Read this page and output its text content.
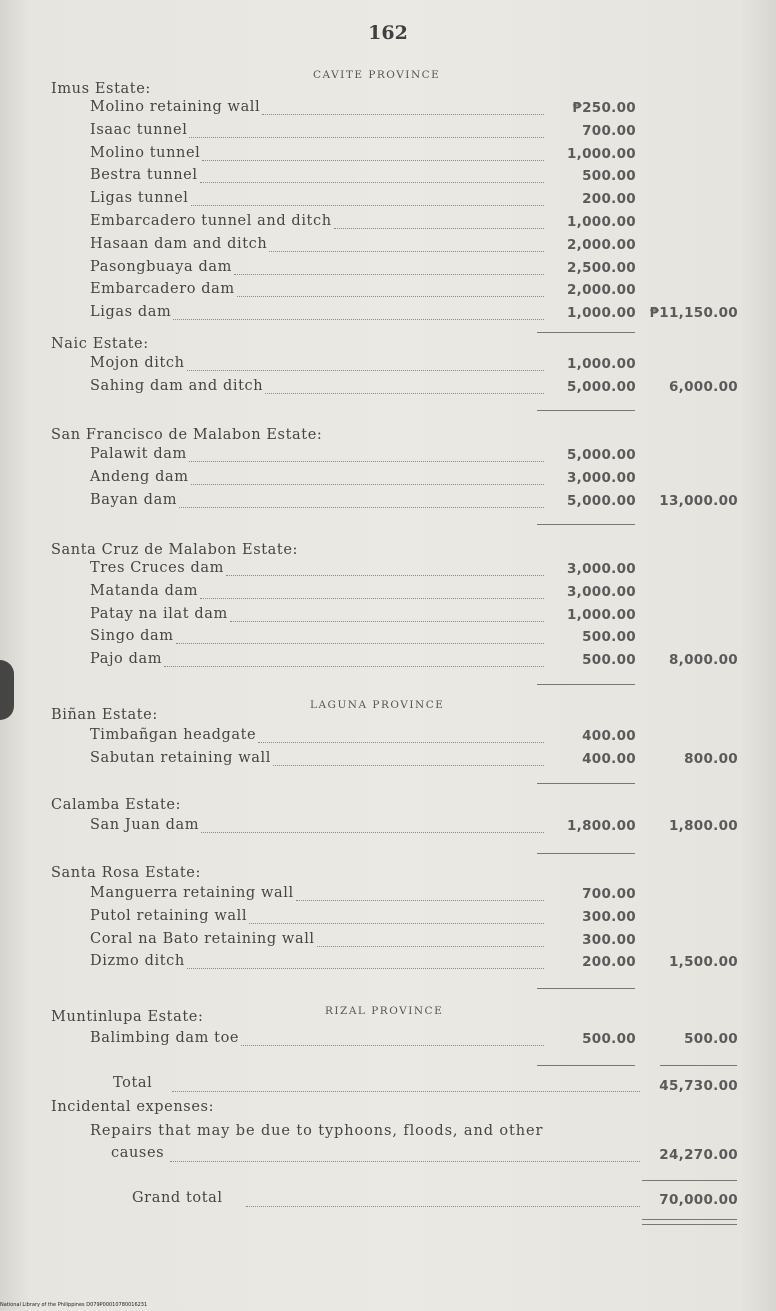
162
CAVITE PROVINCE
LAGUNA PROVINCE
RIZAL PROVINCE
Imus Estate:
Molino retaining wall	₱250.00
Isaac tunnel	700.00
Molino tunnel	1,000.00
Bestra tunnel	500.00
Ligas tunnel	200.00
Embarcadero tunnel and ditch	1,000.00
Hasaan dam and ditch	2,000.00
Pasongbuaya dam	2,500.00
Embarcadero dam	2,000.00
Ligas dam	1,000.00	₱11,150.00
Naic Estate:
Mojon ditch	1,000.00
Sahing dam and ditch	5,000.00	6,000.00
San Francisco de Malabon Estate:
Palawit dam	5,000.00
Andeng dam	3,000.00
Bayan dam	5,000.00	13,000.00
Santa Cruz de Malabon Estate:
Tres Cruces dam	3,000.00
Matanda dam	3,000.00
Patay na ilat dam	1,000.00
Singo dam	500.00
Pajo dam	500.00	8,000.00
Biñan Estate:
Timbañgan headgate	400.00
Sabutan retaining wall	400.00	800.00
Calamba Estate:
San Juan dam	1,800.00	1,800.00
Santa Rosa Estate:
Manguerra retaining wall	700.00
Putol retaining wall	300.00
Coral na Bato retaining wall	300.00
Dizmo ditch	200.00	1,500.00
Muntinlupa Estate:
Balimbing dam toe	500.00	500.00
Total	45,730.00
Incidental expenses:
Repairs that may be due to typhoons, floods, and other
causes	24,270.00
Grand total	70,000.00
National Library of the Philippines D079P00010780016231
